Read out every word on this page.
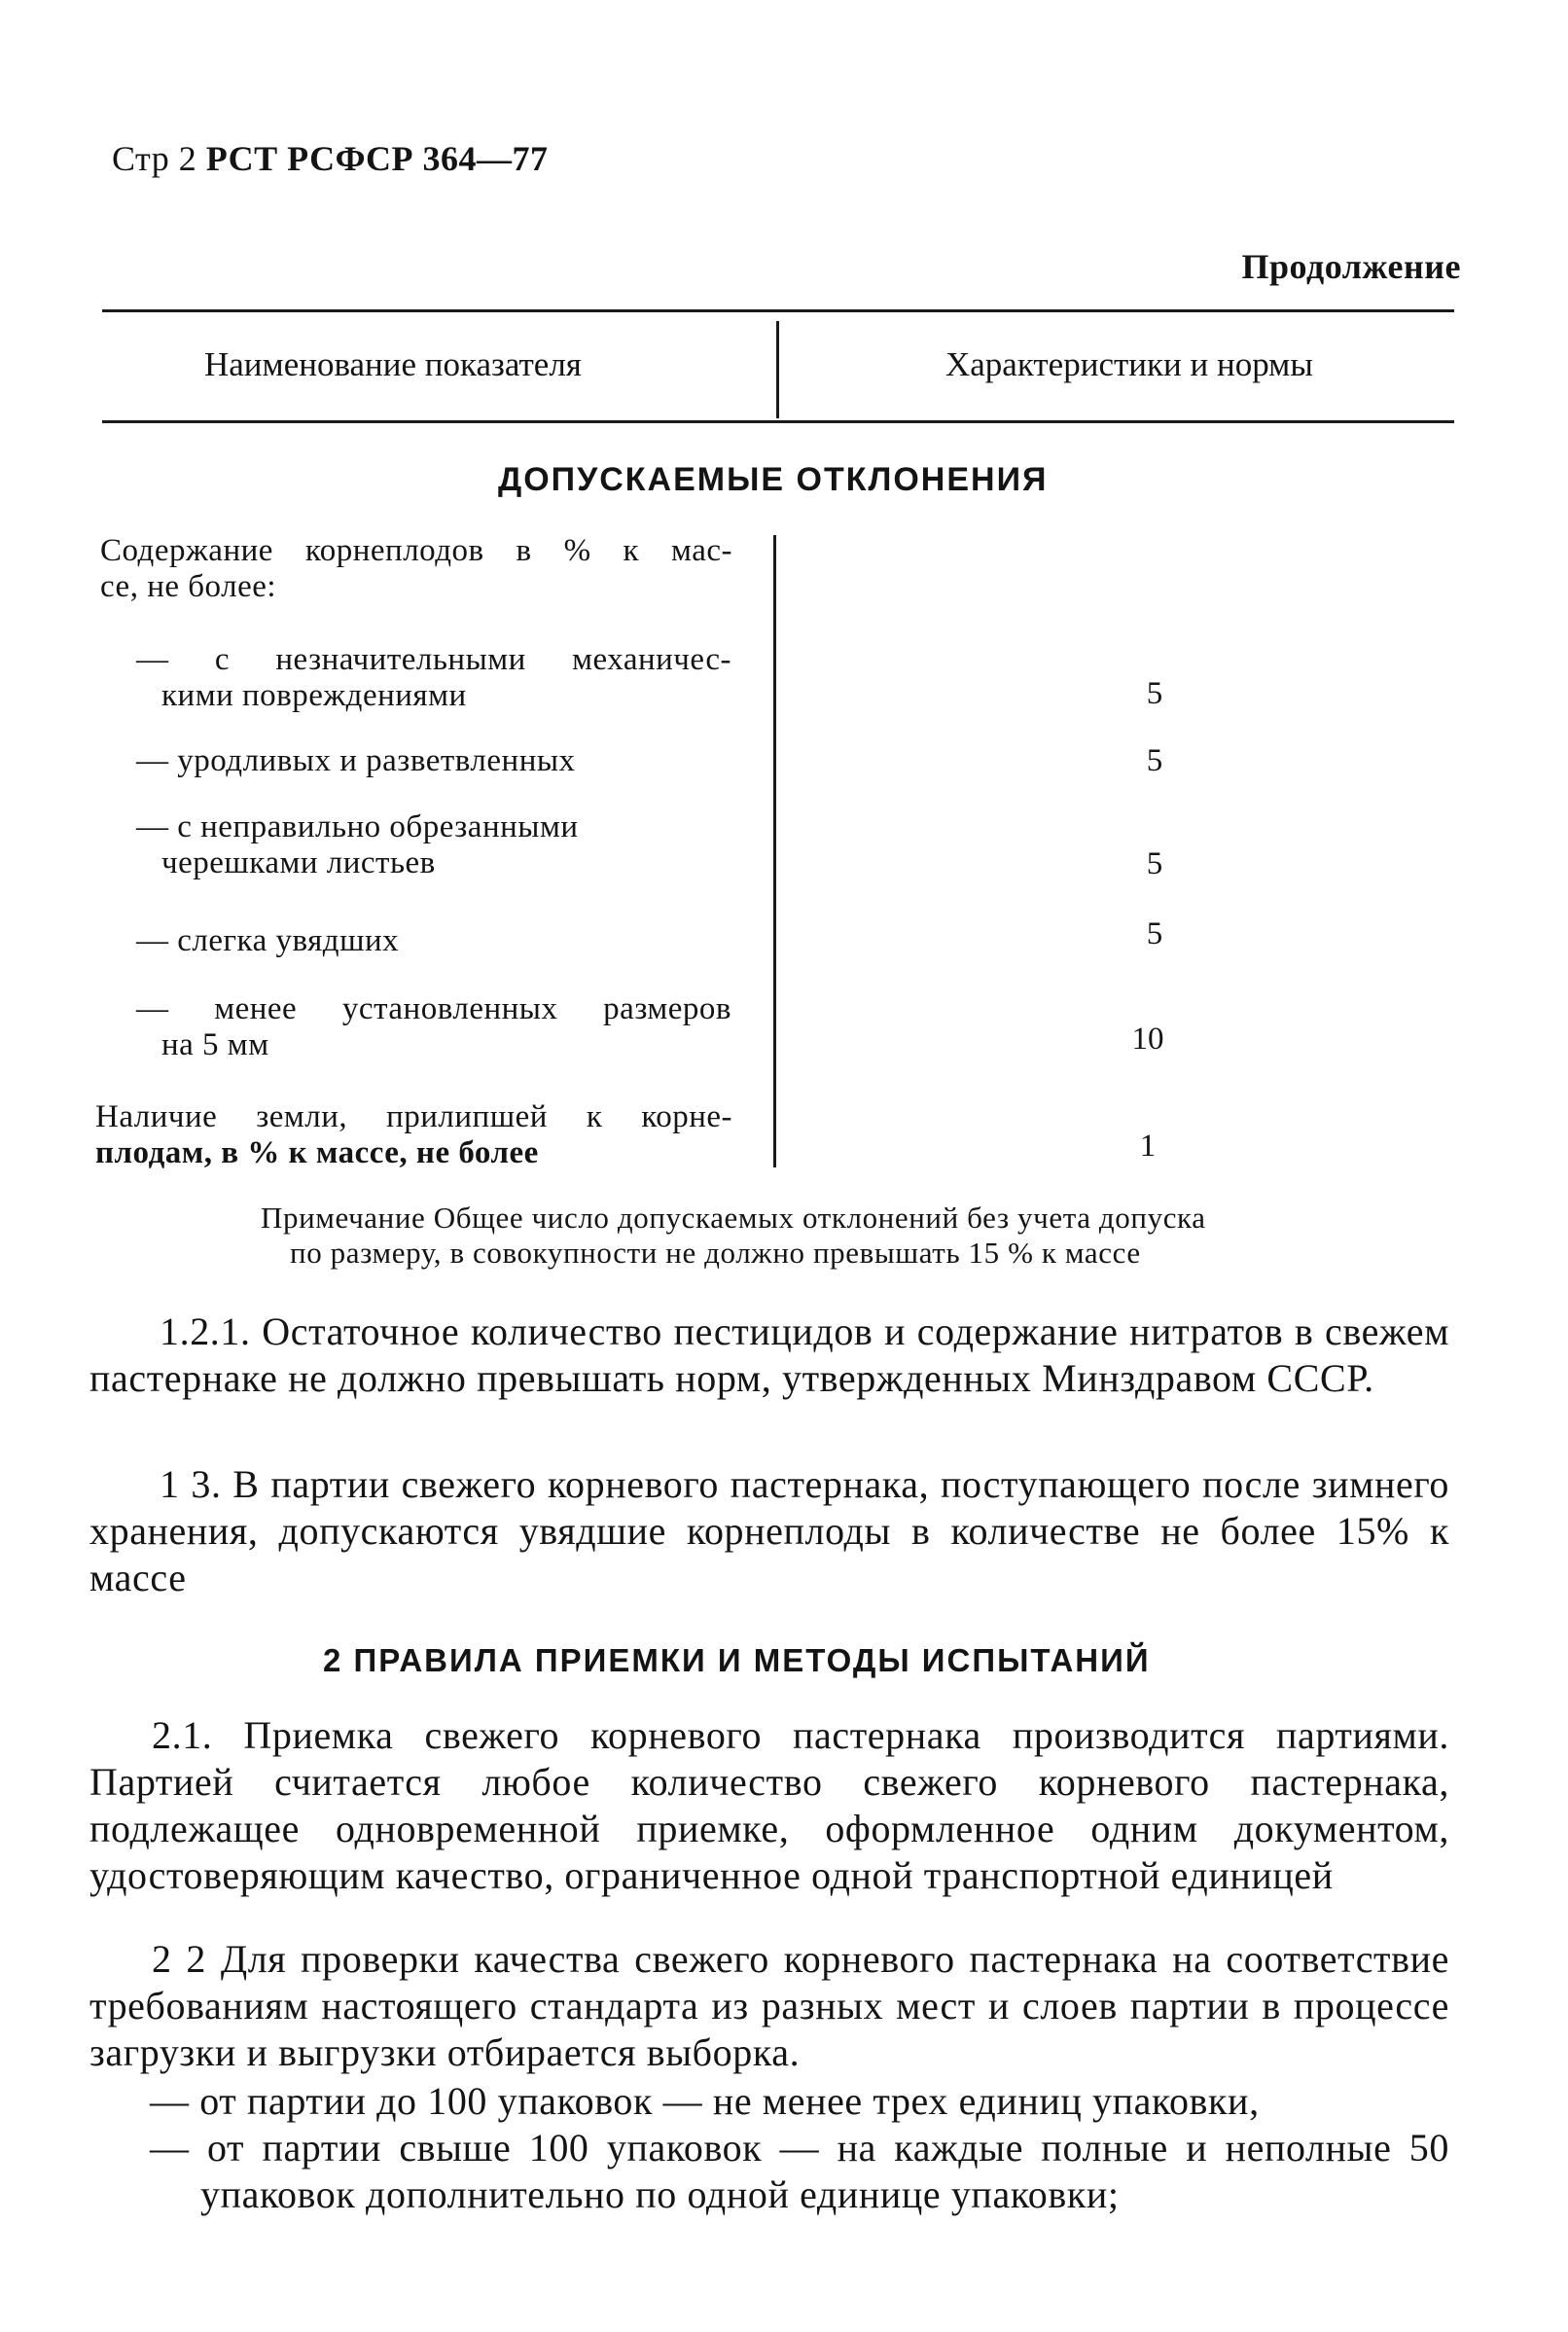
Стр 2 РСТ РСФСР 364—77
Продолжение
Наименование показателя	Характеристики и нормы
ДОПУСКАЕМЫЕ ОТКЛОНЕНИЯ
Содержание корнеплодов в % к мас-
се, не более:
— с незначительными механичес-
кими повреждениями	5
— уродливых и разветвленных	5
— с неправильно обрезанными
черешками листьев	5
— слегка увядших	5
— менее установленных размеров
на 5 мм	10
Наличие земли, прилипшей к корне-
плодам, в % к массе, не более	1
Примечание Общее число допускаемых отклонений без учета допуска
по размеру, в совокупности не должно превышать 15 % к массе
1.2.1. Остаточное количество пестицидов и содержание нитратов в свежем пастернаке не должно превышать норм, утвержденных Минздравом СССР.
1 3. В партии свежего корневого пастернака, поступающего после зимнего хранения, допускаются увядшие корнеплоды в количестве не более 15% к массе
2 ПРАВИЛА ПРИЕМКИ И МЕТОДЫ ИСПЫТАНИЙ
2.1. Приемка свежего корневого пастернака производится партиями. Партией считается любое количество свежего корневого пастернака, подлежащее одновременной приемке, оформленное одним документом, удостоверяющим качество, ограниченное одной транспортной единицей
2 2 Для проверки качества свежего корневого пастернака на соответствие требованиям настоящего стандарта из разных мест и слоев партии в процессе загрузки и выгрузки отбирается выборка.
— от партии до 100 упаковок — не менее трех единиц упаковки,
— от партии свыше 100 упаковок — на каждые полные и неполные 50 упаковок дополнительно по одной единице упаковки;
